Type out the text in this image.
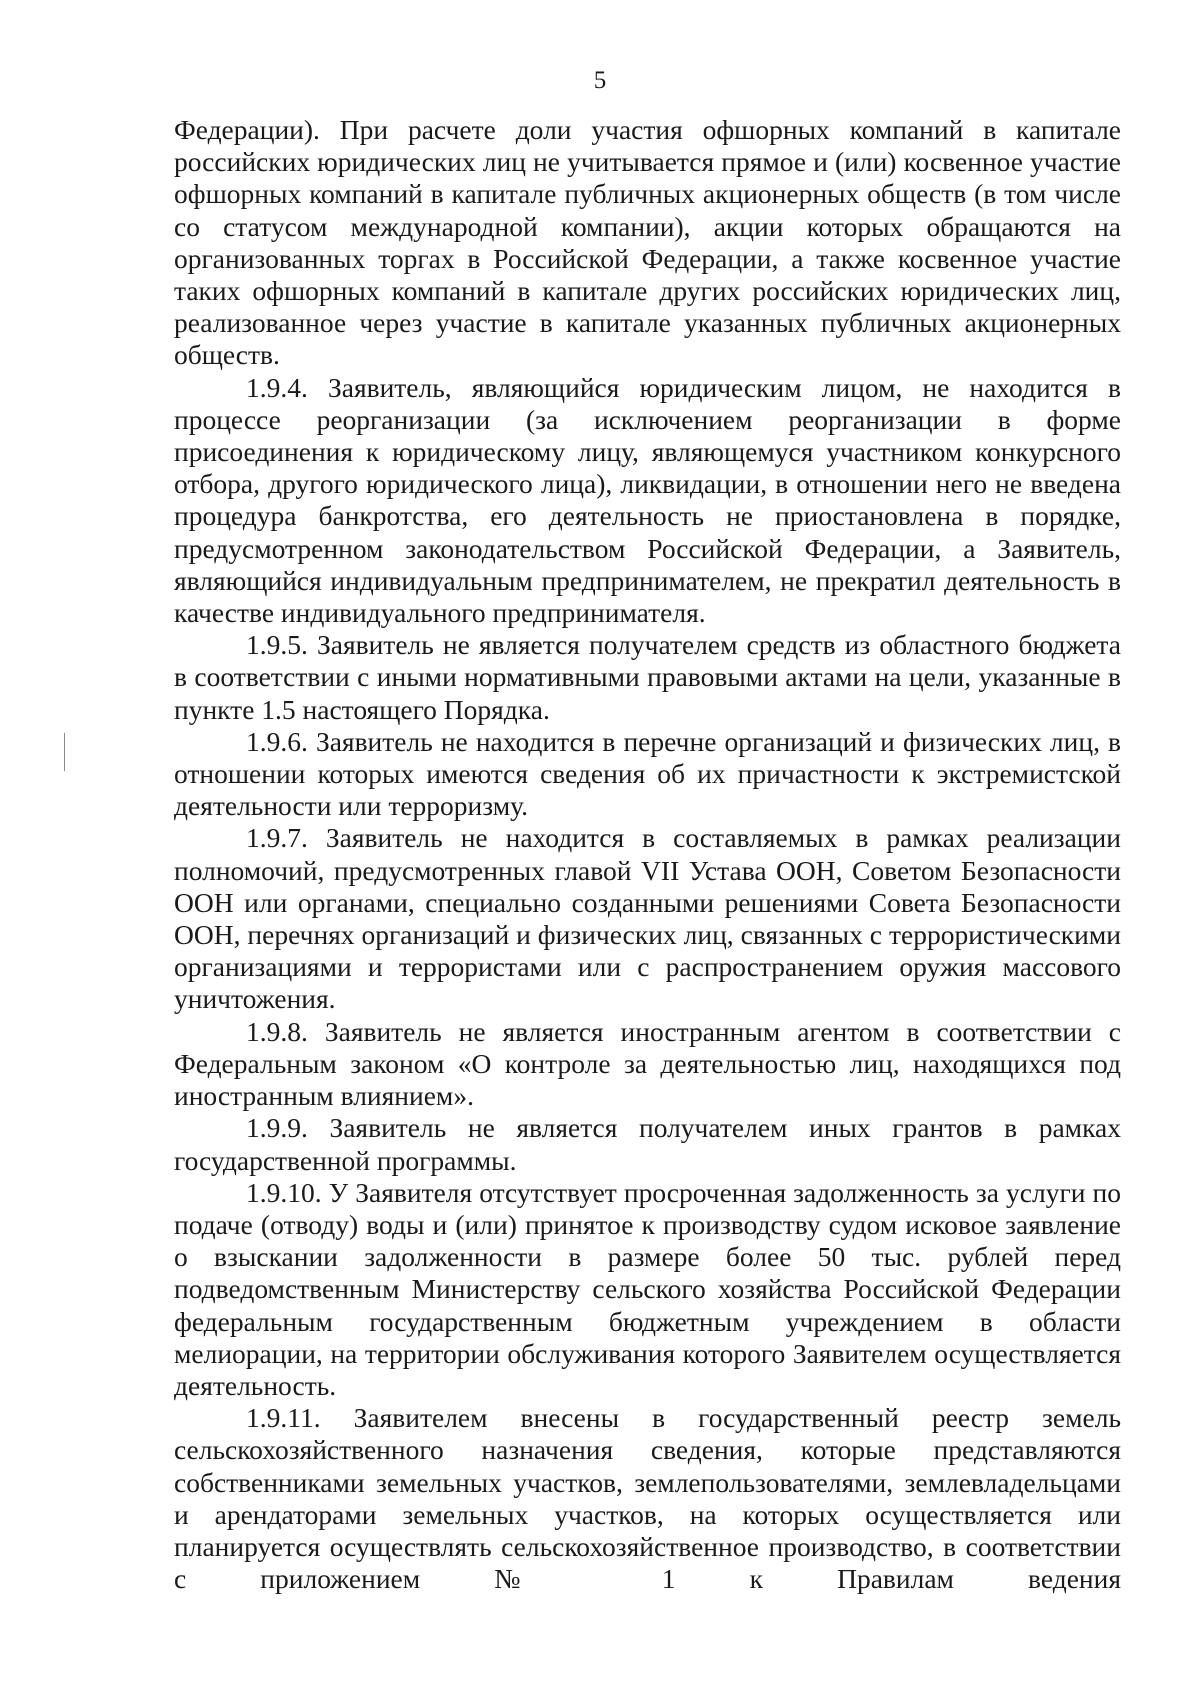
5

Федерации). При расчете доли участия офшорных компаний в капитале российских юридических лиц не учитывается прямое и (или) косвенное участие офшорных компаний в капитале публичных акционерных обществ (в том числе со статусом международной компании), акции которых обращаются на организованных торгах в Российской Федерации, а также косвенное участие таких офшорных компаний в капитале других российских юридических лиц, реализованное через участие в капитале указанных публичных акционерных обществ.

1.9.4. Заявитель, являющийся юридическим лицом, не находится в процессе реорганизации (за исключением реорганизации в форме присоединения к юридическому лицу, являющемуся участником конкурсного отбора, другого юридического лица), ликвидации, в отношении него не введена процедура банкротства, его деятельность не приостановлена в порядке, предусмотренном законодательством Российской Федерации, а Заявитель, являющийся индивидуальным предпринимателем, не прекратил деятельность в качестве индивидуального предпринимателя.

1.9.5. Заявитель не является получателем средств из областного бюджета в соответствии с иными нормативными правовыми актами на цели, указанные в пункте 1.5 настоящего Порядка.

1.9.6. Заявитель не находится в перечне организаций и физических лиц, в отношении которых имеются сведения об их причастности к экстремистской деятельности или терроризму.

1.9.7. Заявитель не находится в составляемых в рамках реализации полномочий, предусмотренных главой VII Устава ООН, Советом Безопасности ООН или органами, специально созданными решениями Совета Безопасности ООН, перечнях организаций и физических лиц, связанных с террористическими организациями и террористами или с распространением оружия массового уничтожения.

1.9.8. Заявитель не является иностранным агентом в соответствии с Федеральным законом «О контроле за деятельностью лиц, находящихся под иностранным влиянием».

1.9.9. Заявитель не является получателем иных грантов в рамках государственной программы.

1.9.10. У Заявителя отсутствует просроченная задолженность за услуги по подаче (отводу) воды и (или) принятое к производству судом исковое заявление о взыскании задолженности в размере более 50 тыс. рублей перед подведомственным Министерству сельского хозяйства Российской Федерации федеральным государственным бюджетным учреждением в области мелиорации, на территории обслуживания которого Заявителем осуществляется деятельность.

1.9.11. Заявителем внесены в государственный реестр земель сельскохозяйственного назначения сведения, которые представляются собственниками земельных участков, землепользователями, землевладельцами и арендаторами земельных участков, на которых осуществляется или планируется осуществлять сельскохозяйственное производство, в соответствии с приложением № 1 к Правилам ведения
